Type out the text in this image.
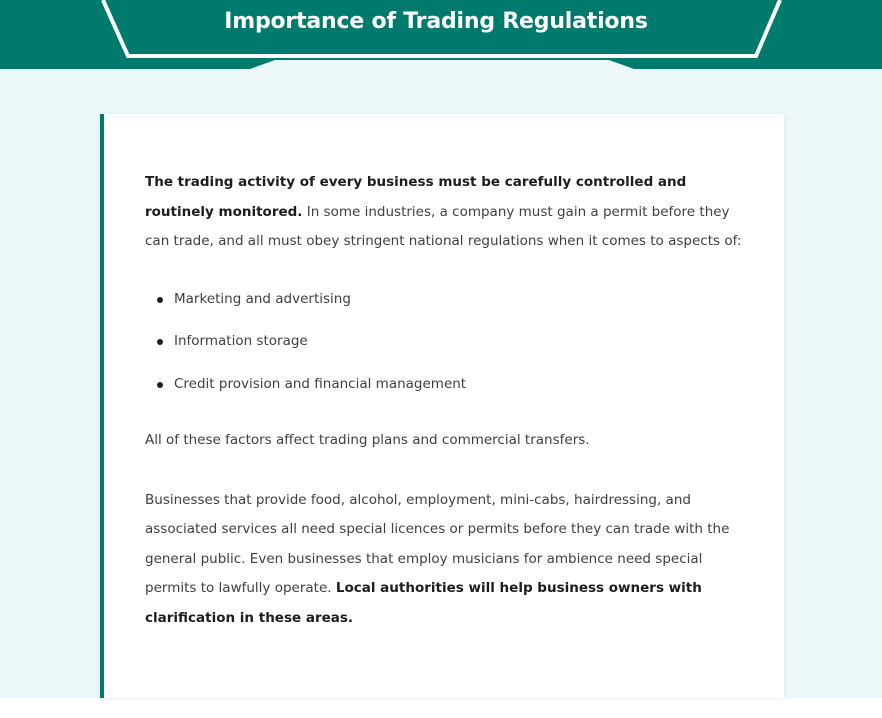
Importance of Trading Regulations

The trading activity of every business must be carefully controlled and routinely monitored. In some industries, a company must gain a permit before they can trade, and all must obey stringent national regulations when it comes to aspects of:

Marketing and advertising
Information storage
Credit provision and financial management

All of these factors affect trading plans and commercial transfers.

Businesses that provide food, alcohol, employment, mini-cabs, hairdressing, and associated services all need special licences or permits before they can trade with the general public. Even businesses that employ musicians for ambience need special permits to lawfully operate. Local authorities will help business owners with clarification in these areas.
